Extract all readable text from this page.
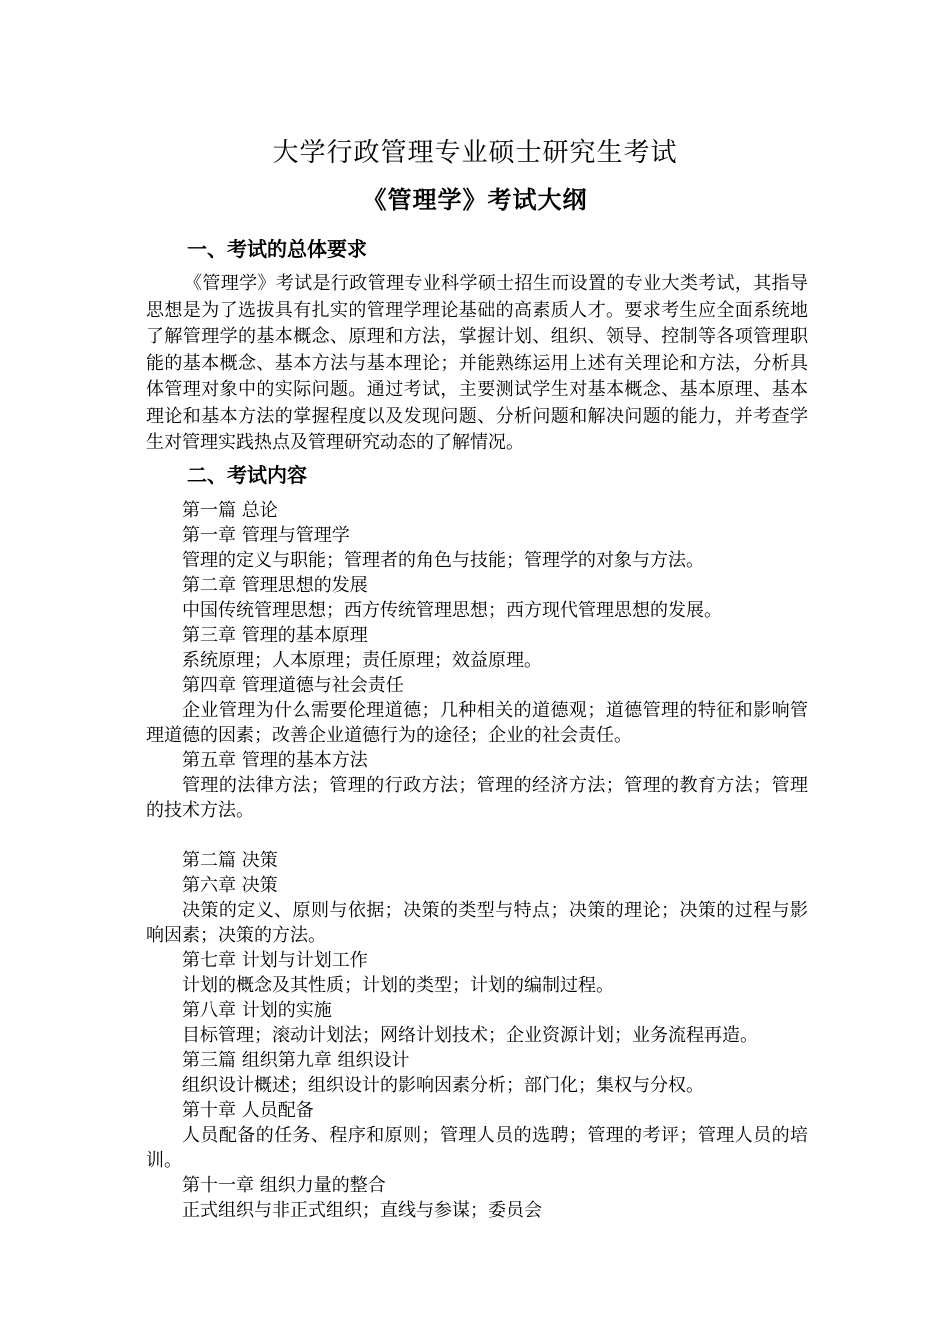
大学行政管理专业硕士研究生考试
《管理学》考试大纲
一、考试的总体要求
《管理学》考试是行政管理专业科学硕士招生而设置的专业大类考试，其指导思想是为了选拔具有扎实的管理学理论基础的高素质人才。要求考生应全面系统地了解管理学的基本概念、原理和方法，掌握计划、组织、领导、控制等各项管理职能的基本概念、基本方法与基本理论；并能熟练运用上述有关理论和方法，分析具体管理对象中的实际问题。通过考试，主要测试学生对基本概念、基本原理、基本理论和基本方法的掌握程度以及发现问题、分析问题和解决问题的能力，并考查学生对管理实践热点及管理研究动态的了解情况。
二、考试内容
第一篇 总论
第一章 管理与管理学
管理的定义与职能；管理者的角色与技能；管理学的对象与方法。
第二章 管理思想的发展
中国传统管理思想；西方传统管理思想；西方现代管理思想的发展。
第三章 管理的基本原理
系统原理；人本原理；责任原理；效益原理。
第四章 管理道德与社会责任
企业管理为什么需要伦理道德；几种相关的道德观；道德管理的特征和影响管理道德的因素；改善企业道德行为的途径；企业的社会责任。
第五章 管理的基本方法
管理的法律方法；管理的行政方法；管理的经济方法；管理的教育方法；管理的技术方法。
第二篇 决策
第六章 决策
决策的定义、原则与依据；决策的类型与特点；决策的理论；决策的过程与影响因素；决策的方法。
第七章 计划与计划工作
计划的概念及其性质；计划的类型；计划的编制过程。
第八章 计划的实施
目标管理；滚动计划法；网络计划技术；企业资源计划；业务流程再造。
第三篇 组织第九章 组织设计
组织设计概述；组织设计的影响因素分析；部门化；集权与分权。
第十章 人员配备
人员配备的任务、程序和原则；管理人员的选聘；管理的考评；管理人员的培训。
第十一章 组织力量的整合
正式组织与非正式组织；直线与参谋；委员会
